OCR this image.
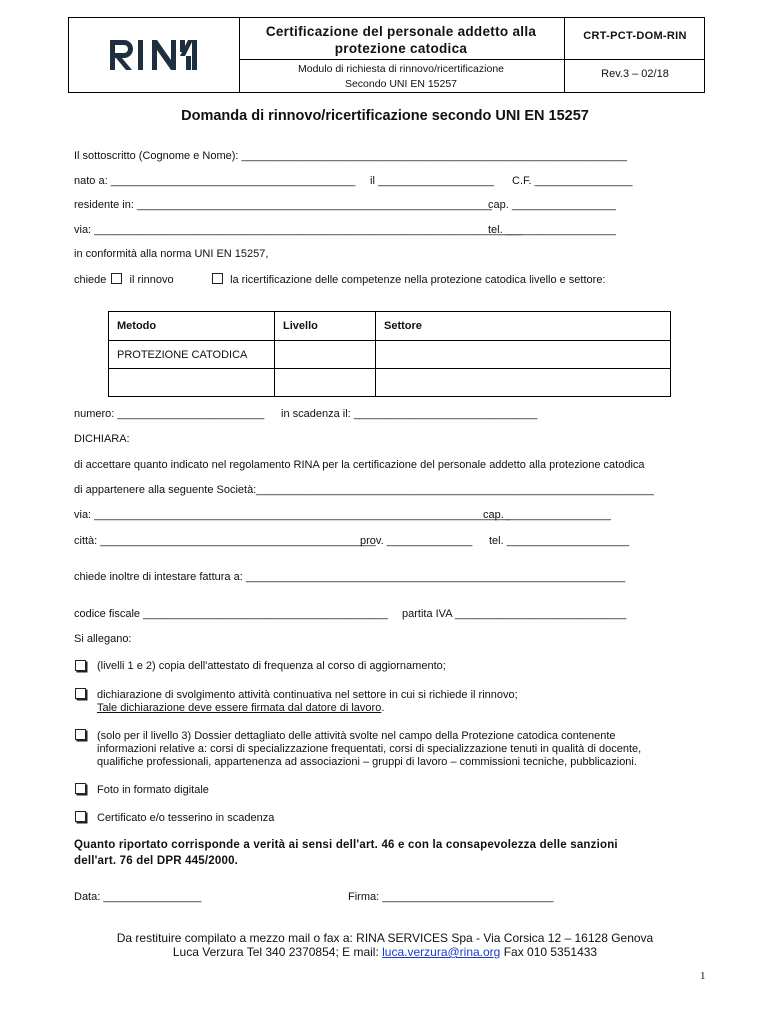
Certificazione del personale addetto alla
protezione catodica
Modulo di richiesta di rinnovo/ricertificazione
Secondo UNI EN 15257
CRT-PCT-DOM-RIN
Rev.3 – 02/18
Domanda di rinnovo/ricertificazione secondo UNI EN 15257
Il sottoscritto (Cognome e Nome): _______________________________________________________________
nato a: ________________________________________ il ___________________ C.F. ________________
residente in: __________________________________________________________
cap. _________________
via: ______________________________________________________________________
tel. __________________
in conformità alla norma UNI EN 15257,
chiede il rinnovo	la ricertificazione delle competenze nella protezione catodica livello e settore:
Metodo	Livello	Settore
PROTEZIONE CATODICA		

numero: ________________________ in scadenza il: ______________________________
DICHIARA:
di accettare quanto indicato nel regolamento RINA per la certificazione del personale addetto alla protezione catodica
di appartenere alla seguente Società:_________________________________________________________________
via: ____________________________________________________________________
cap. _________________
città: _____________________________________________
prov. ______________ tel. ____________________
chiede inoltre di intestare fattura a: ______________________________________________________________
codice fiscale ________________________________________ partita IVA ____________________________
Si allegano:
(livelli 1 e 2) copia dell'attestato di frequenza al corso di aggiornamento;
dichiarazione di svolgimento attività continuativa nel settore in cui si richiede il rinnovo;
Tale dichiarazione deve essere firmata dal datore di lavoro.
(solo per il livello 3) Dossier dettagliato delle attività svolte nel campo della Protezione catodica contenente
informazioni relative a: corsi di specializzazione frequentati, corsi di specializzazione tenuti in qualità di docente,
qualifiche professionali, appartenenza ad associazioni – gruppi di lavoro – commissioni tecniche, pubblicazioni.
Foto in formato digitale
Certificato e/o tesserino in scadenza
Quanto riportato corrisponde a verità ai sensi dell'art. 46 e con la consapevolezza delle sanzioni
dell'art. 76 del DPR 445/2000.
Data: ________________	Firma: ____________________________
Da restituire compilato a mezzo mail o fax a: RINA SERVICES Spa - Via Corsica 12 – 16128 Genova
Luca Verzura Tel 340 2370854; E mail: luca.verzura@rina.org Fax 010 5351433
1
